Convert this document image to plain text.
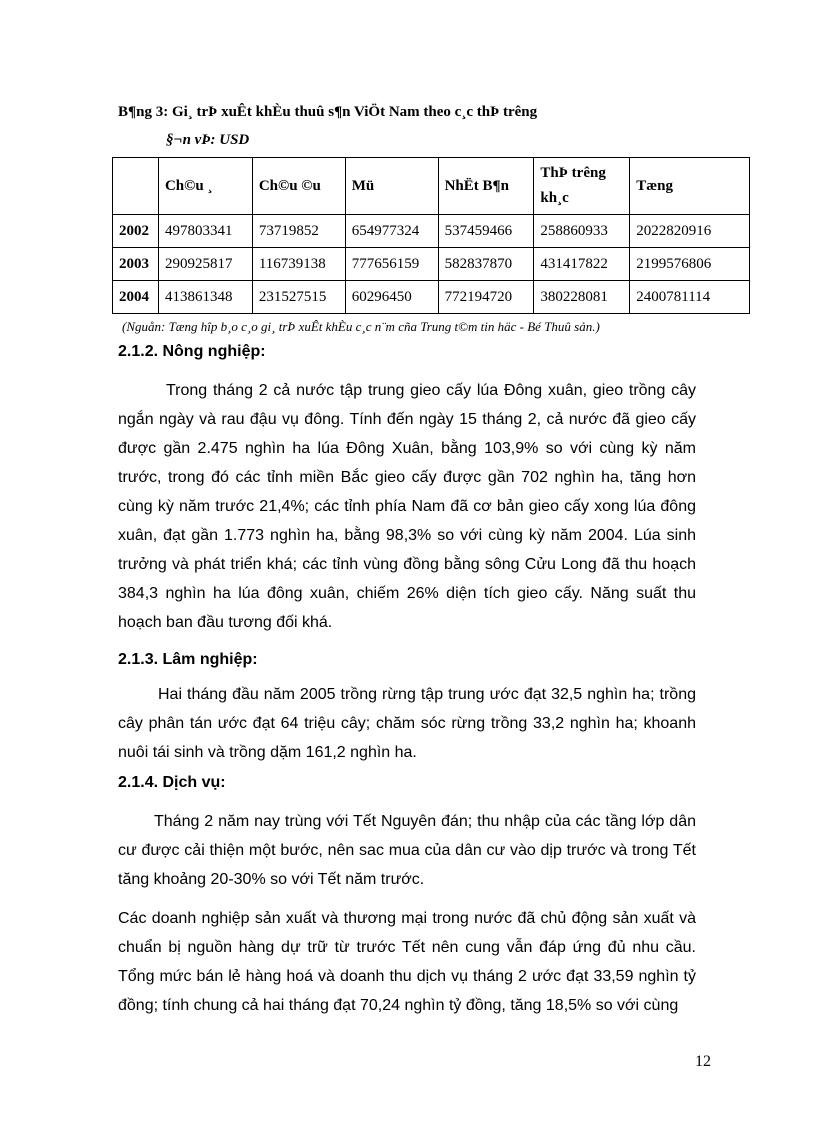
B¶ng 3: Gi¸ trÞ xuÊt khÈu thuû s¶n ViÖt Nam theo c¸c thÞ trêng
§¬n vÞ: USD
	Ch©u ¸	Ch©u ©u	Mü	NhËt B¶n	ThÞ trêng kh¸c	Tæng
2002	497803341	73719852	654977324	537459466	258860933	2022820916
2003	290925817	116739138	777656159	582837870	431417822	2199576806
2004	413861348	231527515	60296450	772194720	380228081	2400781114
(Nguån: Tæng hîp b¸o c¸o gi¸ trÞ xuÊt khÈu c¸c n¨m cña Trung t©m tin häc - Bé Thuû sản.)
2.1.2. Nông nghiệp:
Trong tháng 2 cả nước tập trung gieo cấy lúa Đông xuân, gieo trồng cây ngắn ngày và rau đậu vụ đông. Tính đến ngày 15 tháng 2, cả nước đã gieo cấy được gần 2.475 nghìn ha lúa Đông Xuân, bằng 103,9% so với cùng kỳ năm trước, trong đó các tỉnh miền Bắc gieo cấy được gần 702 nghìn ha, tăng hơn cùng kỳ năm trước 21,4%; các tỉnh phía Nam đã cơ bản gieo cấy xong lúa đông xuân, đạt gần 1.773 nghìn ha, bằng 98,3% so với cùng kỳ năm 2004. Lúa sinh trưởng và phát triển khá; các tỉnh vùng đồng bằng sông Cửu Long đã thu hoạch 384,3 nghìn ha lúa đông xuân, chiếm 26% diện tích gieo cấy. Năng suất thu hoạch ban đầu tương đối khá.
2.1.3. Lâm nghiệp:
Hai tháng đầu năm 2005 trồng rừng tập trung ước đạt 32,5 nghìn ha; trồng cây phân tán ước đạt 64 triệu cây; chăm sóc rừng trồng 33,2 nghìn ha; khoanh nuôi tái sinh và trồng dặm 161,2 nghìn ha.
2.1.4. Dịch vụ:
Tháng 2 năm nay trùng với Tết Nguyên đán; thu nhập của các tầng lớp dân cư được cải thiện một bước, nên sac mua của dân cư vào dịp trước và trong Tết tăng khoảng 20-30% so với Tết năm trước.
Các doanh nghiệp sản xuất và thương mại trong nước đã chủ động sản xuất và chuẩn bị nguồn hàng dự trữ từ trước Tết nên cung vẫn đáp ứng đủ nhu cầu. Tổng mức bán lẻ hàng hoá và doanh thu dịch vụ tháng 2 ước đạt 33,59 nghìn tỷ đồng; tính chung cả hai tháng đạt 70,24 nghìn tỷ đồng, tăng 18,5% so với cùng
12
